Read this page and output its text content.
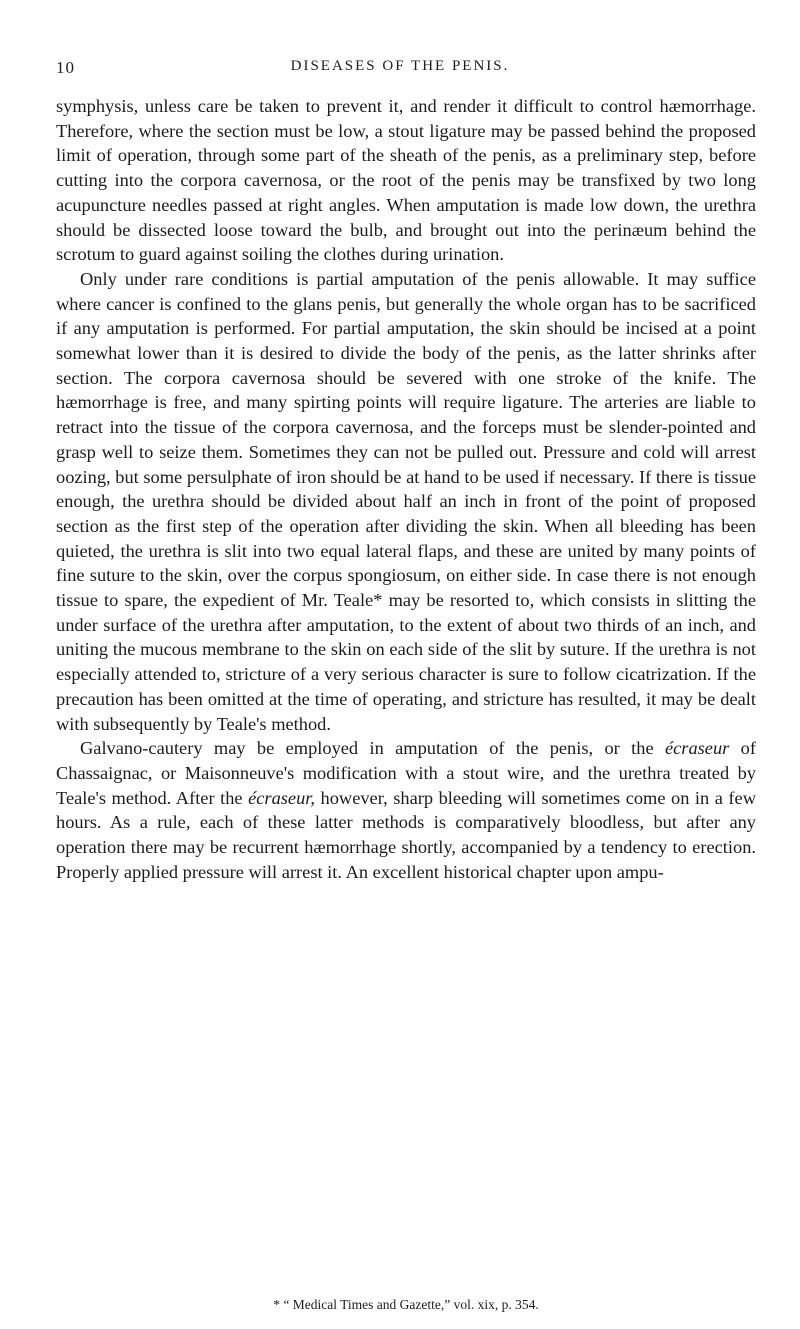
10	DISEASES OF THE PENIS.

symphysis, unless care be taken to prevent it, and render it difficult to control hæmorrhage. Therefore, where the section must be low, a stout ligature may be passed behind the proposed limit of operation, through some part of the sheath of the penis, as a preliminary step, before cutting into the corpora cavernosa, or the root of the penis may be transfixed by two long acupuncture needles passed at right angles. When amputation is made low down, the urethra should be dissected loose toward the bulb, and brought out into the perinæum behind the scrotum to guard against soiling the clothes during urination.

Only under rare conditions is partial amputation of the penis allowable. It may suffice where cancer is confined to the glans penis, but generally the whole organ has to be sacrificed if any amputation is performed. For partial amputation, the skin should be incised at a point somewhat lower than it is desired to divide the body of the penis, as the latter shrinks after section. The corpora cavernosa should be severed with one stroke of the knife. The hæmorrhage is free, and many spirting points will require ligature. The arteries are liable to retract into the tissue of the corpora cavernosa, and the forceps must be slender-pointed and grasp well to seize them. Sometimes they can not be pulled out. Pressure and cold will arrest oozing, but some persulphate of iron should be at hand to be used if necessary. If there is tissue enough, the urethra should be divided about half an inch in front of the point of proposed section as the first step of the operation after dividing the skin. When all bleeding has been quieted, the urethra is slit into two equal lateral flaps, and these are united by many points of fine suture to the skin, over the corpus spongiosum, on either side. In case there is not enough tissue to spare, the expedient of Mr. Teale* may be resorted to, which consists in slitting the under surface of the urethra after amputation, to the extent of about two thirds of an inch, and uniting the mucous membrane to the skin on each side of the slit by suture. If the urethra is not especially attended to, stricture of a very serious character is sure to follow cicatrization. If the precaution has been omitted at the time of operating, and stricture has resulted, it may be dealt with subsequently by Teale's method.

Galvano-cautery may be employed in amputation of the penis, or the écraseur of Chassaignac, or Maisonneuve's modification with a stout wire, and the urethra treated by Teale's method. After the écraseur, however, sharp bleeding will sometimes come on in a few hours. As a rule, each of these latter methods is comparatively bloodless, but after any operation there may be recurrent hæmorrhage shortly, accompanied by a tendency to erection. Properly applied pressure will arrest it. An excellent historical chapter upon ampu-

* “ Medical Times and Gazette,” vol. xix, p. 354.
